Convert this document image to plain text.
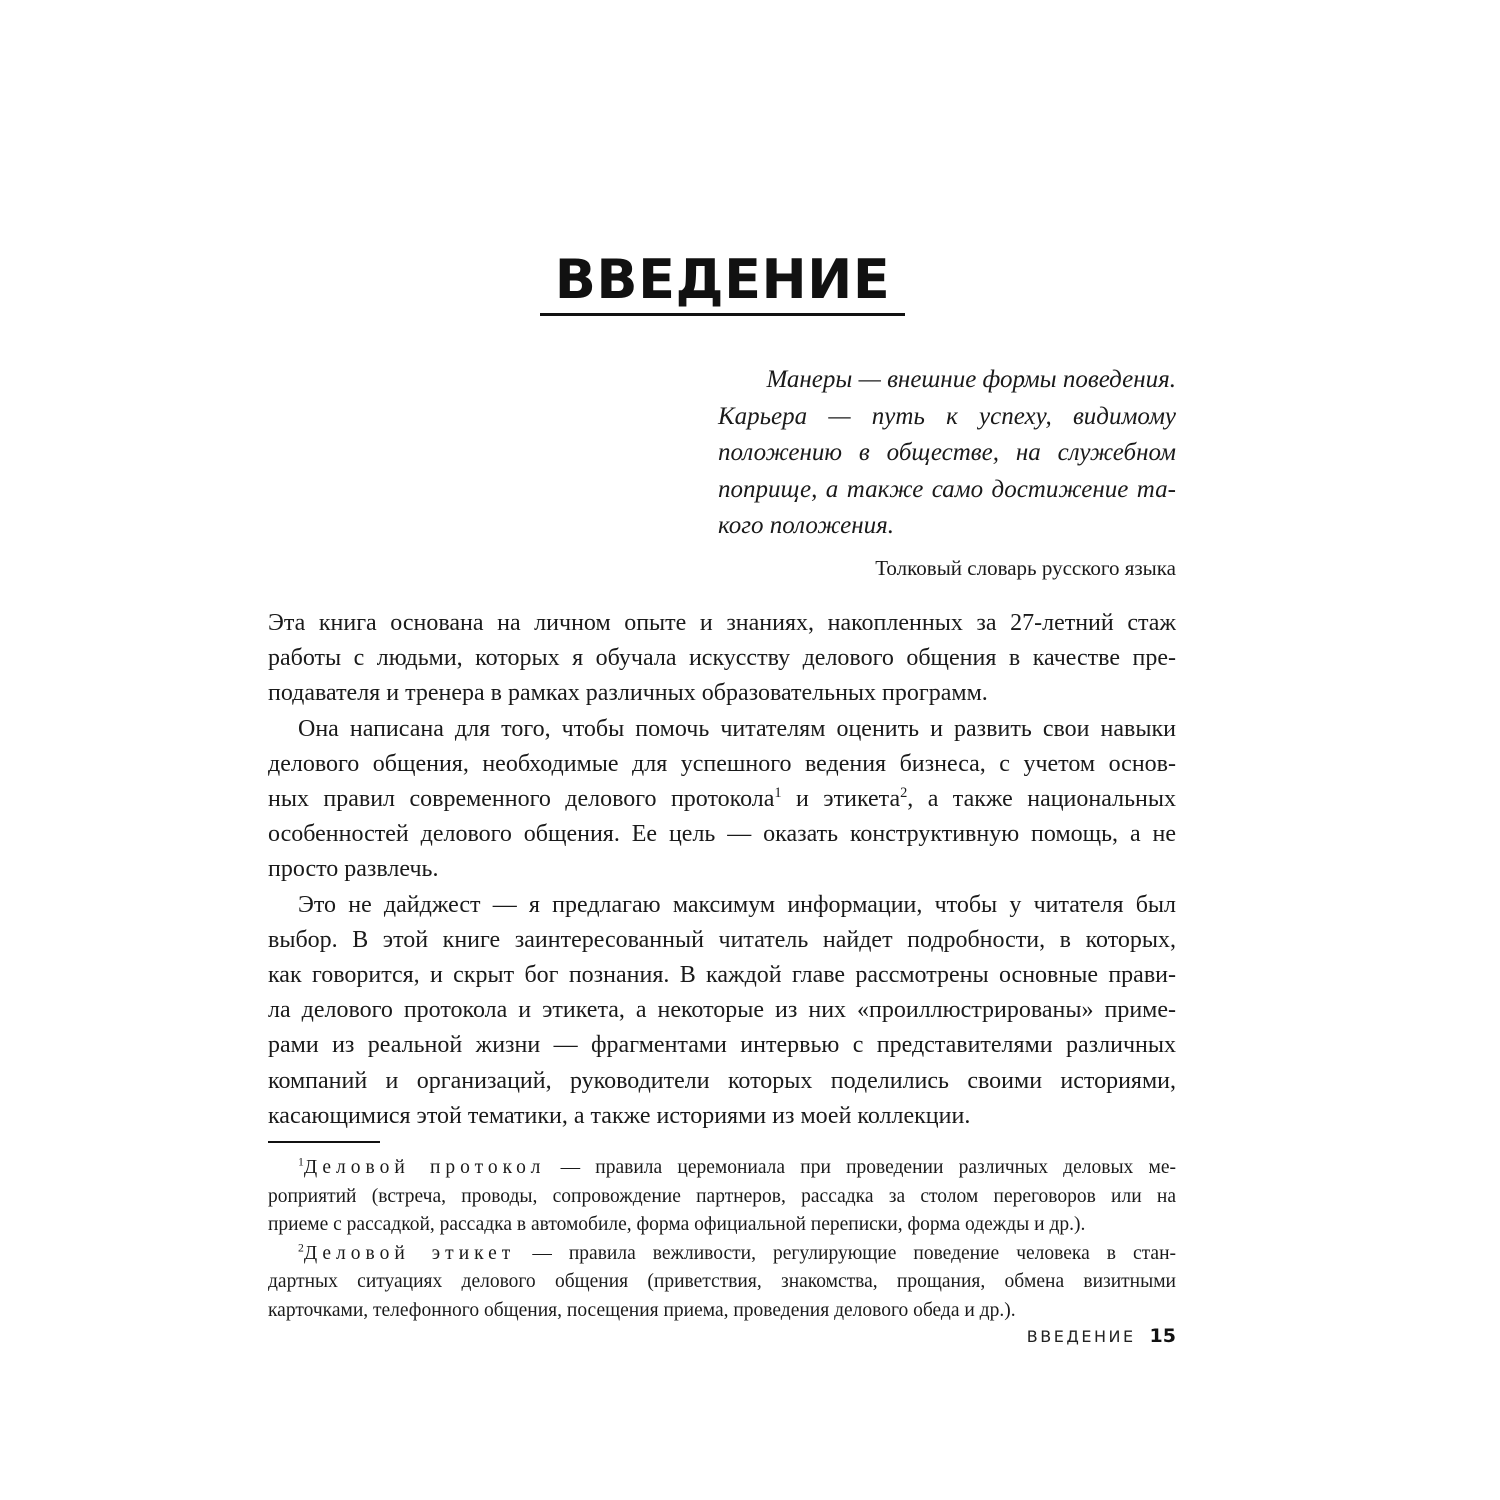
ВВЕДЕНИЕ
Манеры — внешние формы поведения.
Карьера — путь к успеху, видимому
положению в обществе, на служебном
поприще, а также само достижение та-
кого положения.
Толковый словарь русского языка
Эта книга основана на личном опыте и знаниях, накопленных за 27-летний стаж
работы с людьми, которых я обучала искусству делового общения в качестве пре-
подавателя и тренера в рамках различных образовательных программ.
Она написана для того, чтобы помочь читателям оценить и развить свои навыки
делового общения, необходимые для успешного ведения бизнеса, с учетом основ-
ных правил современного делового протокола$^1$ и этикета$^2$, а также национальных
особенностей делового общения. Ее цель — оказать конструктивную помощь, а не
просто развлечь.
Это не дайджест — я предлагаю максимум информации, чтобы у читателя был
выбор. В этой книге заинтересованный читатель найдет подробности, в которых,
как говорится, и скрыт бог познания. В каждой главе рассмотрены основные прави-
ла делового протокола и этикета, а некоторые из них «проиллюстрированы» приме-
рами из реальной жизни — фрагментами интервью с представителями различных
компаний и организаций, руководители которых поделились своими историями,
касающимися этой тематики, а также историями из моей коллекции.
$^1$Деловой протокол — правила церемониала при проведении различных деловых ме-
роприятий (встреча, проводы, сопровождение партнеров, рассадка за столом переговоров или на
приеме с рассадкой, рассадка в автомобиле, форма официальной переписки, форма одежды и др.).
$^2$Деловой этикет — правила вежливости, регулирующие поведение человека в стан-
дартных ситуациях делового общения (приветствия, знакомства, прощания, обмена визитными
карточками, телефонного общения, посещения приема, проведения делового обеда и др.).
ВВЕДЕНИЕ 15
